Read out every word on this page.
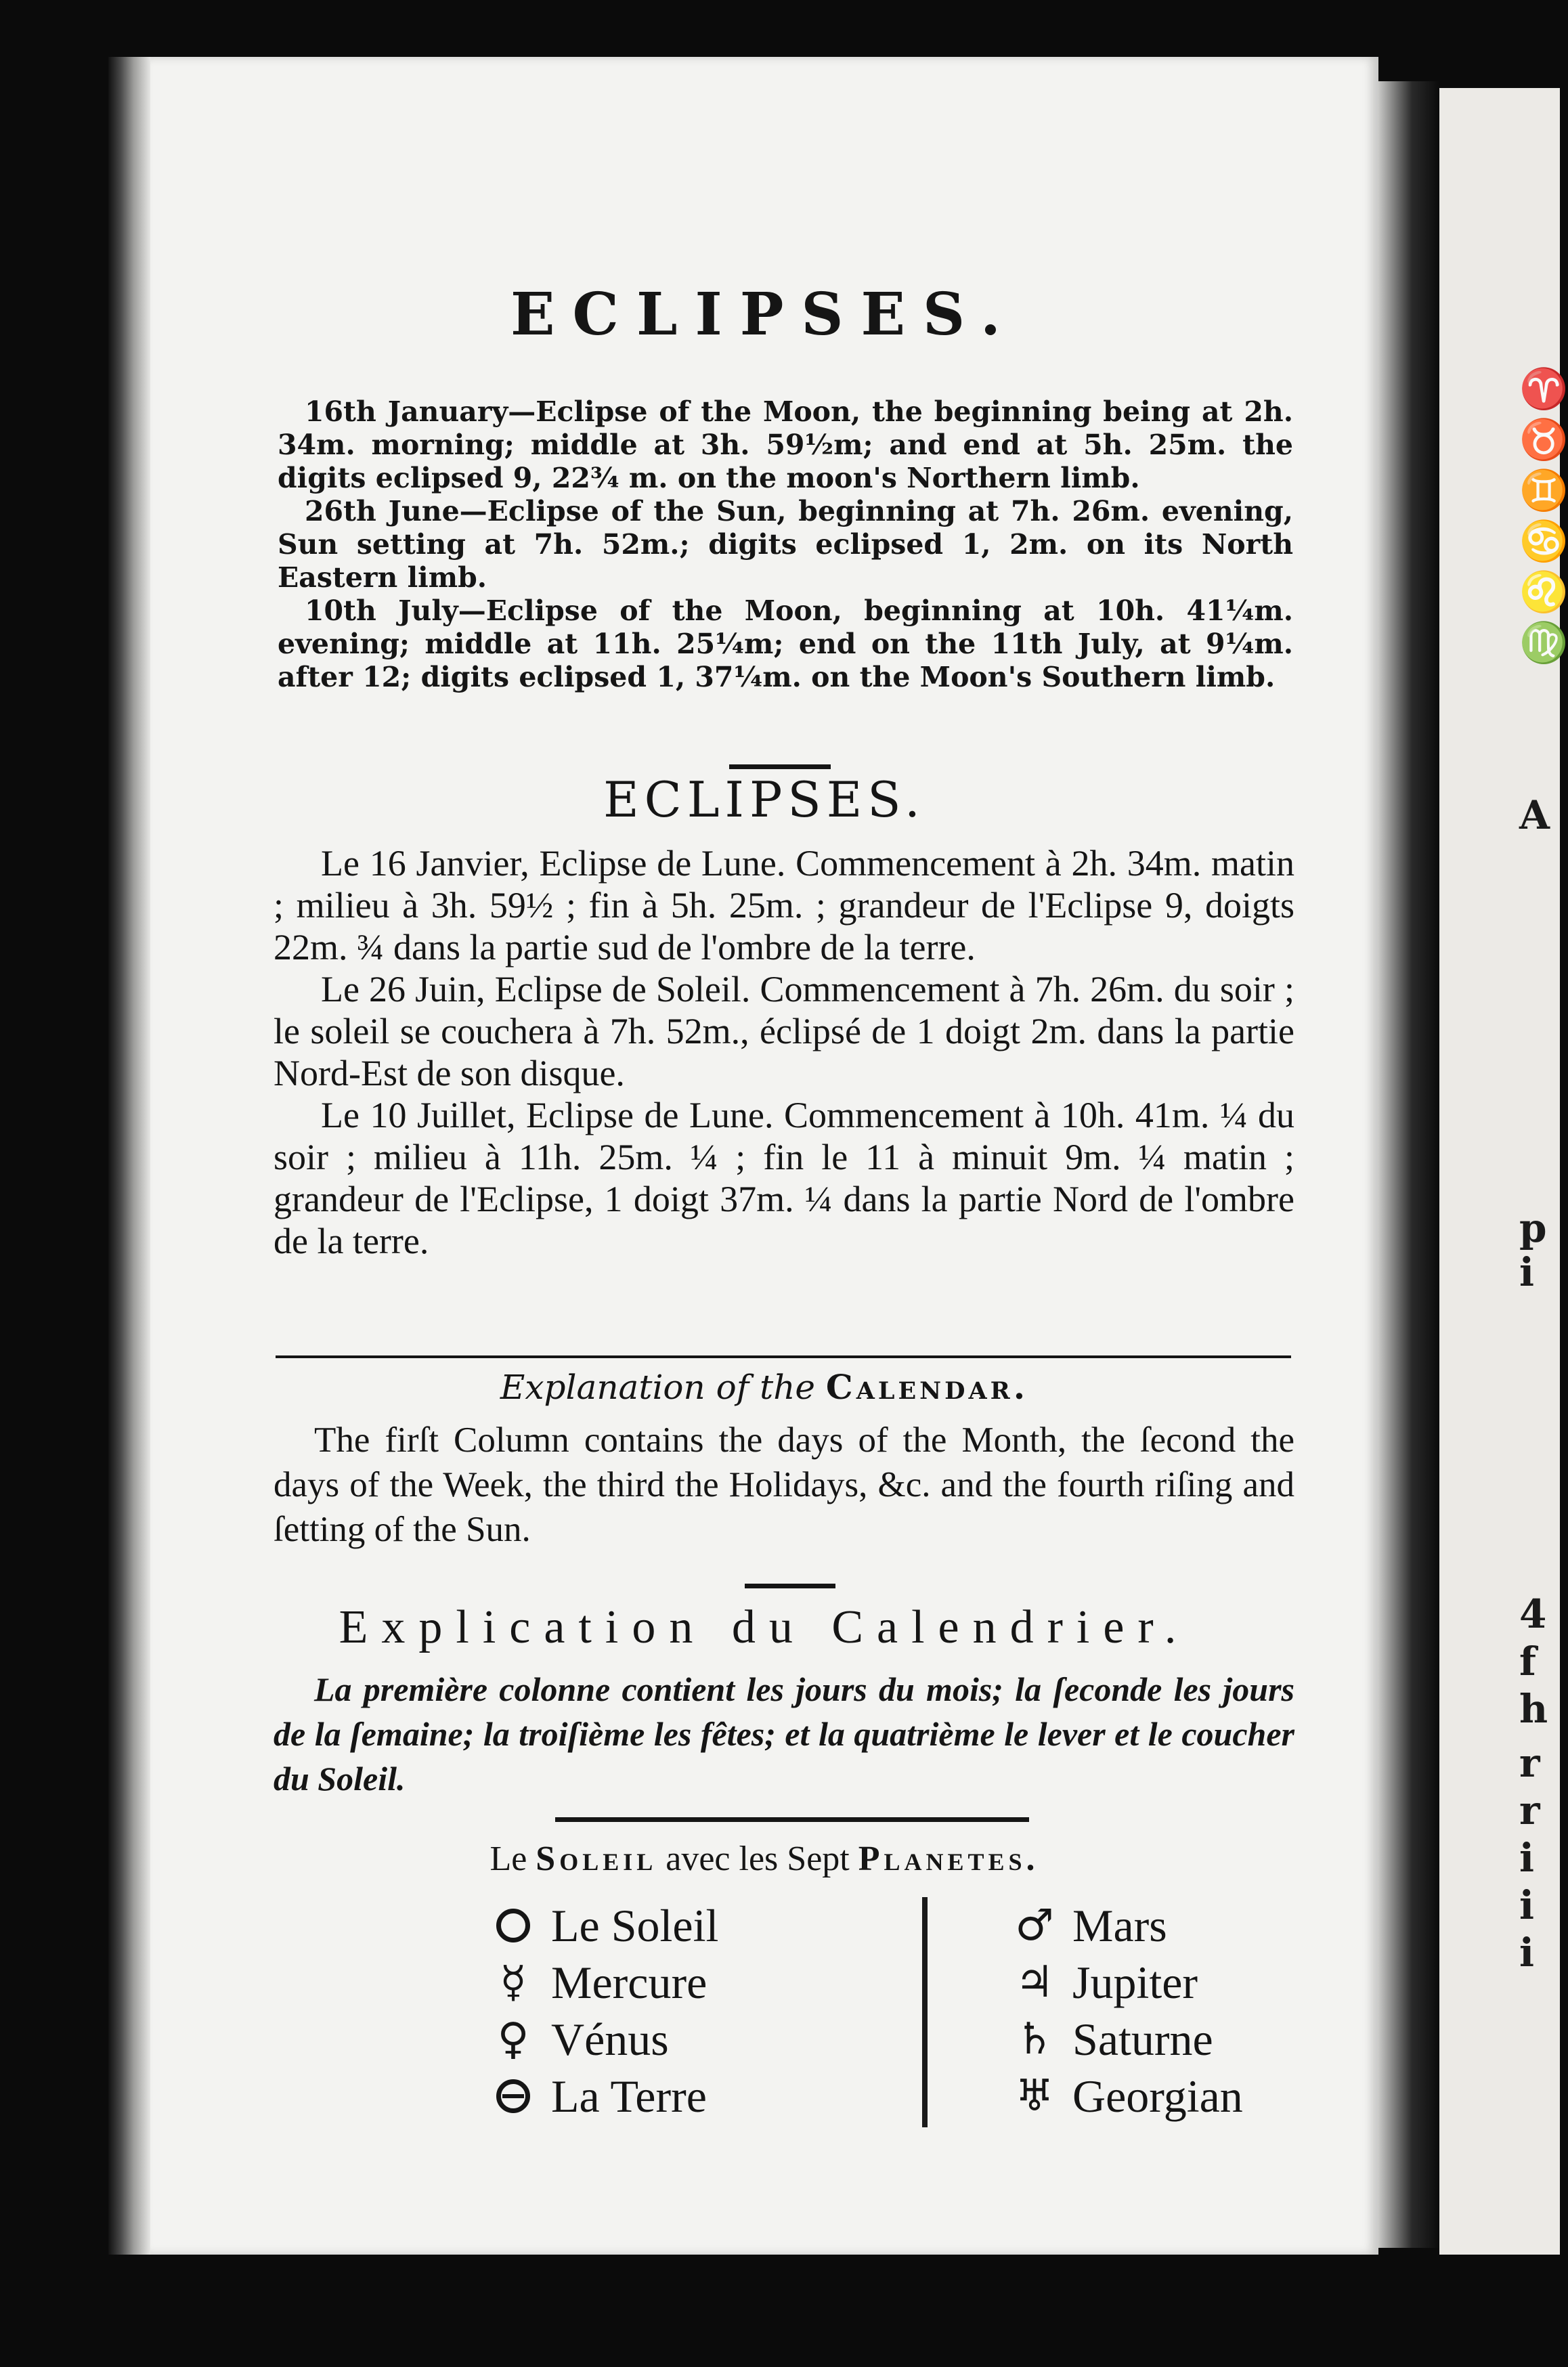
ECLIPSES.

16th January—Eclipse of the Moon, the beginning being at 2h. 34m. morning; middle at 3h. 59½m; and end at 5h. 25m. the digits eclipsed 9, 22¾ m. on the moon's Northern limb.

26th June—Eclipse of the Sun, beginning at 7h. 26m. evening, Sun setting at 7h. 52m.; digits eclipsed 1, 2m. on its North Eastern limb.

10th July—Eclipse of the Moon, beginning at 10h. 41¼m. evening; middle at 11h. 25¼m; end on the 11th July, at 9¼m. after 12; digits eclipsed 1, 37¼m. on the Moon's Southern limb.

ECLIPSES.

Le 16 Janvier, Eclipse de Lune. Commencement à 2h. 34m. matin ; milieu à 3h. 59½ ; fin à 5h. 25m. ; grandeur de l'Eclipse 9, doigts 22m. ¾ dans la partie sud de l'ombre de la terre.

Le 26 Juin, Eclipse de Soleil. Commencement à 7h. 26m. du soir ; le soleil se couchera à 7h. 52m., éclipsé de 1 doigt 2m. dans la partie Nord-Est de son disque.

Le 10 Juillet, Eclipse de Lune. Commencement à 10h. 41m. ¼ du soir ; milieu à 11h. 25m. ¼ ; fin le 11 à minuit 9m. ¼ matin ; grandeur de l'Eclipse, 1 doigt 37m. ¼ dans la partie Nord de l'ombre de la terre.

Explanation of the Calendar.

The firſt Column contains the days of the Month, the ſecond the days of the Week, the third the Holidays, &c. and the fourth riſing and ſetting of the Sun.

Explication du Calendrier.

La première colonne contient les jours du mois; la ſeconde les jours de la ſemaine; la troiſième les fêtes; et la quatrième le lever et le coucher du Soleil.

Le Soleil avec les Sept Planetes.
Le Soleil
☿ Mercure
♀ Vénus
La Terre
♂ Mars
♃ Jupiter
♄ Saturne
♅ Georgian
♈
♉
♊
♋
♌
♍
A
p
i
4
f
h
r
r
i
i
i
